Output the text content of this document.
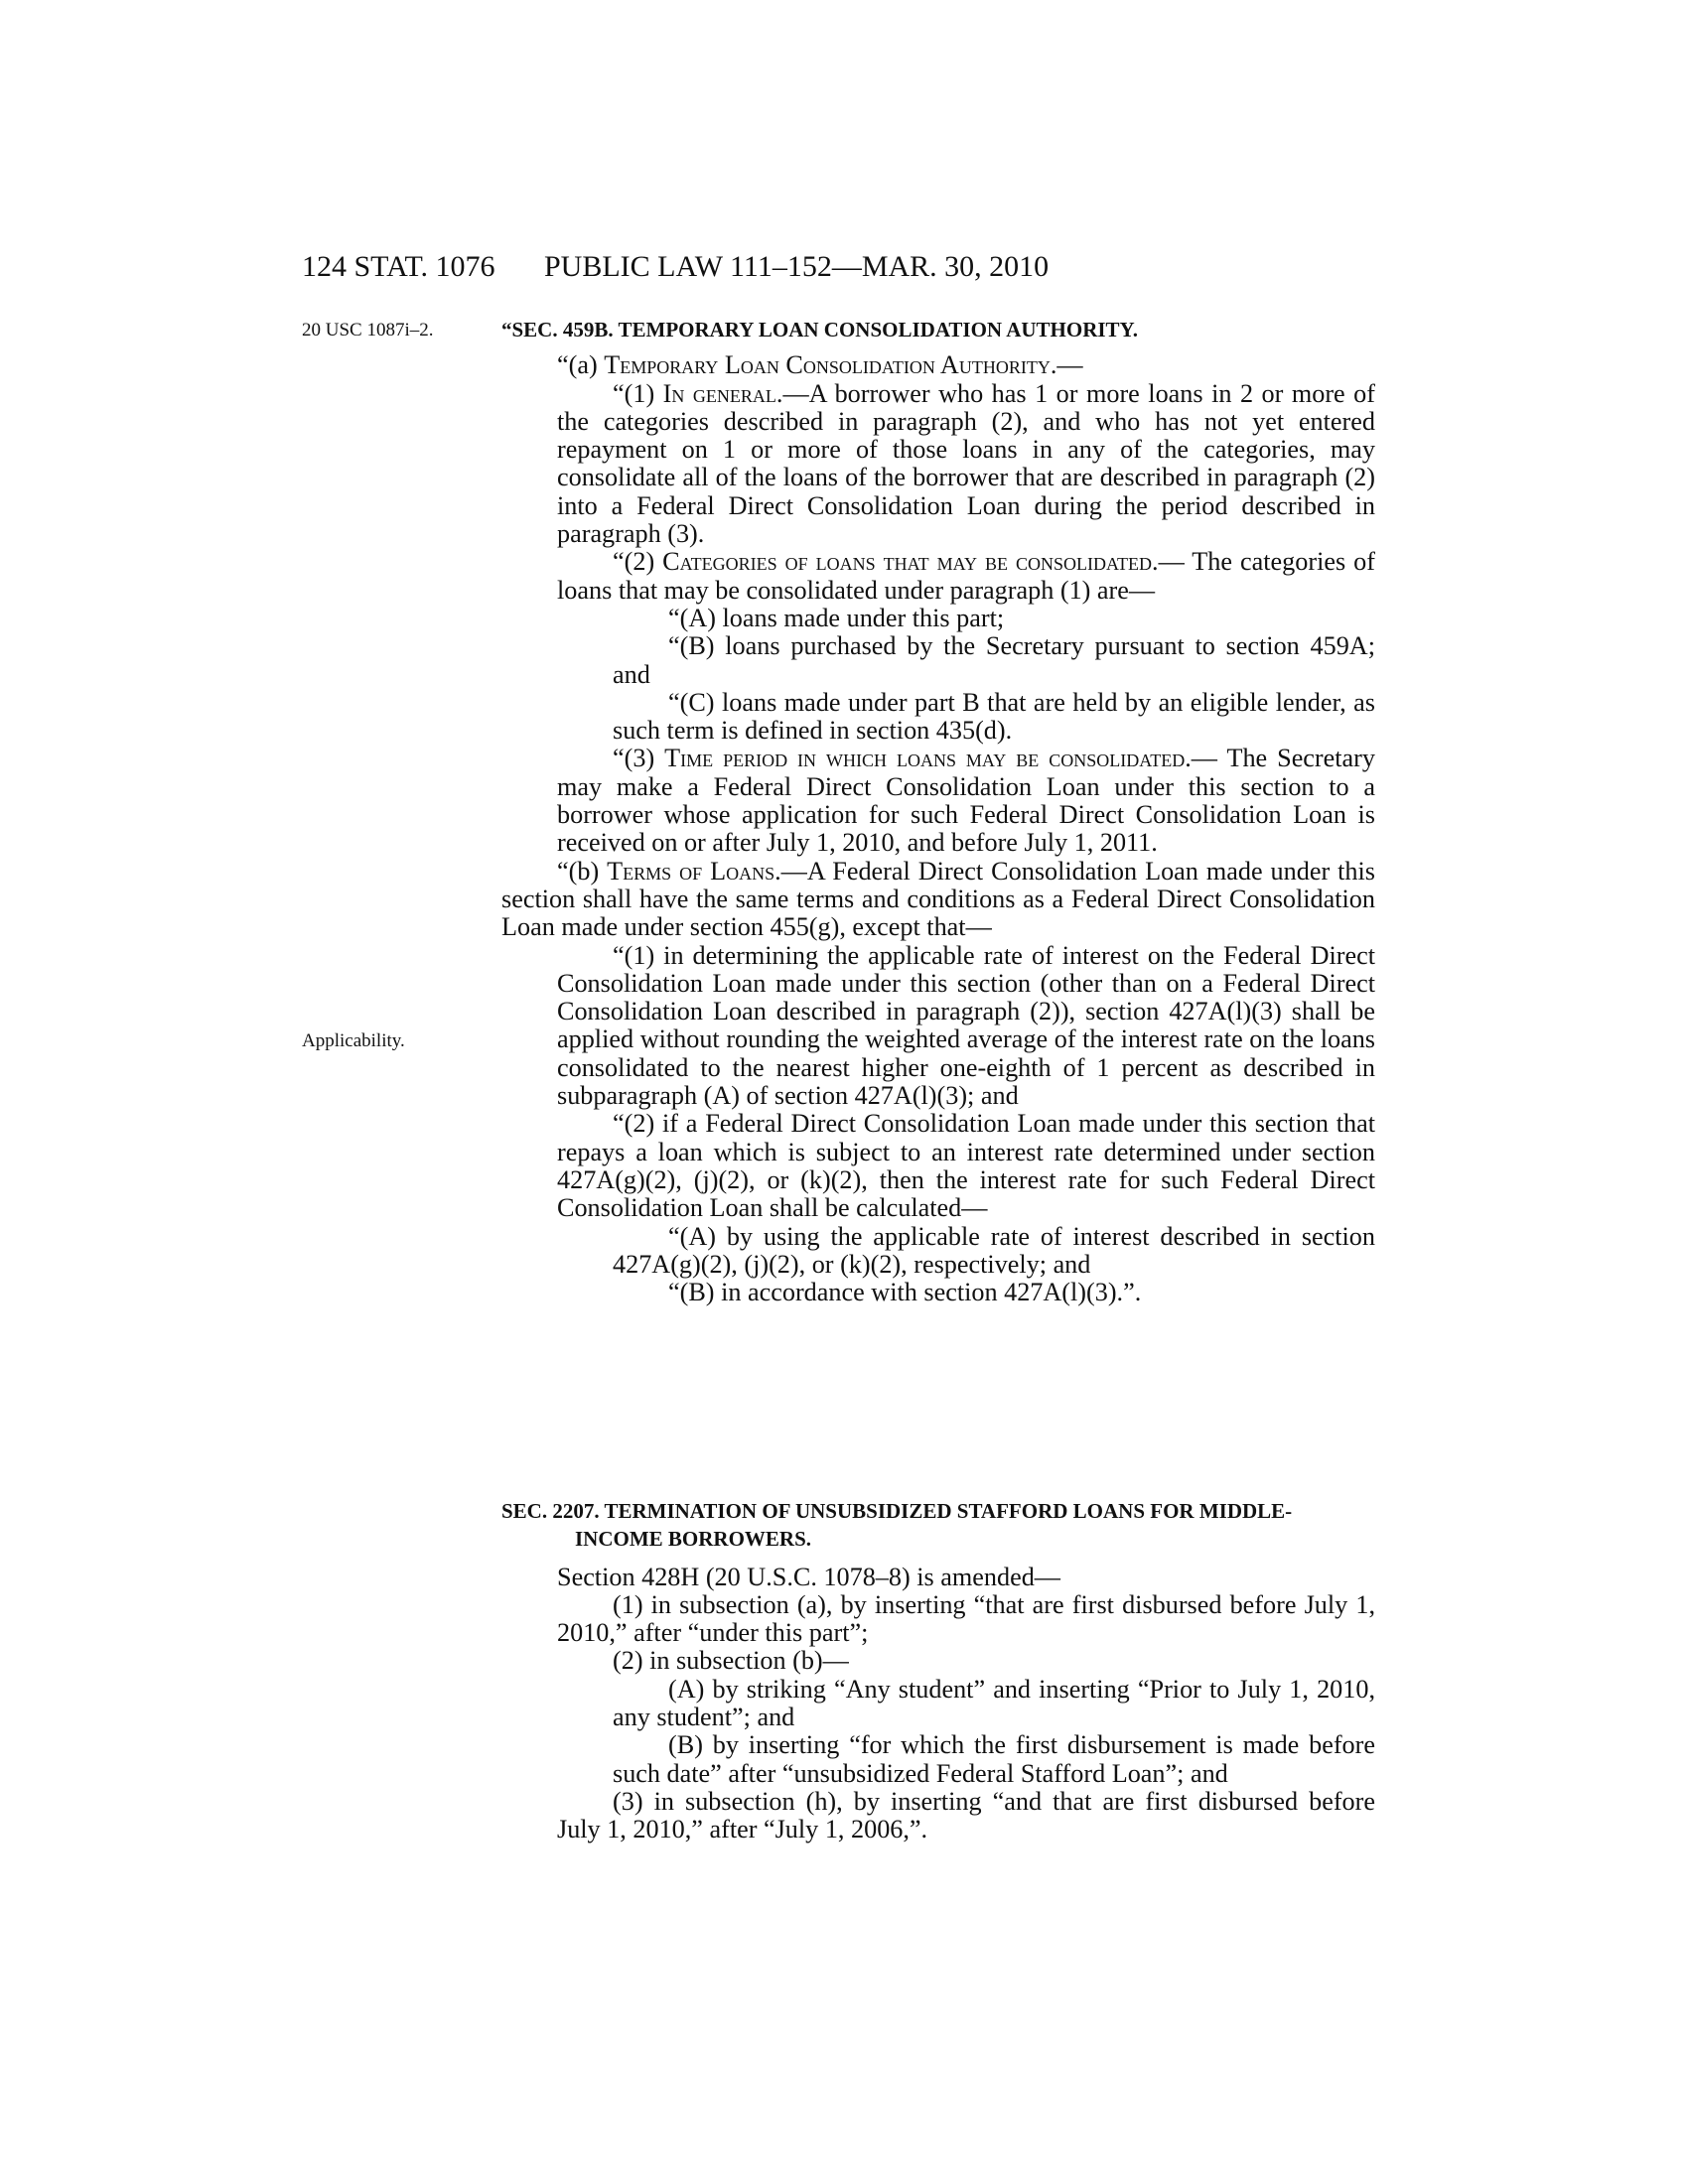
124 STAT. 1076 PUBLIC LAW 111–152—MAR. 30, 2010
20 USC 1087i–2.
Applicability.

“SEC. 459B. TEMPORARY LOAN CONSOLIDATION AUTHORITY.

“(a) Temporary Loan Consolidation Authority.—

“(1) In general.—A borrower who has 1 or more loans in 2 or more of the categories described in paragraph (2), and who has not yet entered repayment on 1 or more of those loans in any of the categories, may consolidate all of the loans of the borrower that are described in paragraph (2) into a Federal Direct Consolidation Loan during the period described in paragraph (3).

“(2) Categories of loans that may be consolidated.— The categories of loans that may be consolidated under paragraph (1) are—

“(A) loans made under this part;

“(B) loans purchased by the Secretary pursuant to section 459A; and

“(C) loans made under part B that are held by an eligible lender, as such term is defined in section 435(d).

“(3) Time period in which loans may be consolidated.— The Secretary may make a Federal Direct Consolidation Loan under this section to a borrower whose application for such Federal Direct Consolidation Loan is received on or after July 1, 2010, and before July 1, 2011.

“(b) Terms of Loans.—A Federal Direct Consolidation Loan made under this section shall have the same terms and conditions as a Federal Direct Consolidation Loan made under section 455(g), except that—

“(1) in determining the applicable rate of interest on the Federal Direct Consolidation Loan made under this section (other than on a Federal Direct Consolidation Loan described in paragraph (2)), section 427A(l)(3) shall be applied without rounding the weighted average of the interest rate on the loans consolidated to the nearest higher one-eighth of 1 percent as described in subparagraph (A) of section 427A(l)(3); and

“(2) if a Federal Direct Consolidation Loan made under this section that repays a loan which is subject to an interest rate determined under section 427A(g)(2), (j)(2), or (k)(2), then the interest rate for such Federal Direct Consolidation Loan shall be calculated—

“(A) by using the applicable rate of interest described in section 427A(g)(2), (j)(2), or (k)(2), respectively; and

“(B) in accordance with section 427A(l)(3).”.

SEC. 2207. TERMINATION OF UNSUBSIDIZED STAFFORD LOANS FOR MIDDLE-INCOME BORROWERS.

Section 428H (20 U.S.C. 1078–8) is amended—

(1) in subsection (a), by inserting “that are first disbursed before July 1, 2010,” after “under this part”;

(2) in subsection (b)—

(A) by striking “Any student” and inserting “Prior to July 1, 2010, any student”; and

(B) by inserting “for which the first disbursement is made before such date” after “unsubsidized Federal Stafford Loan”; and

(3) in subsection (h), by inserting “and that are first disbursed before July 1, 2010,” after “July 1, 2006,”.
